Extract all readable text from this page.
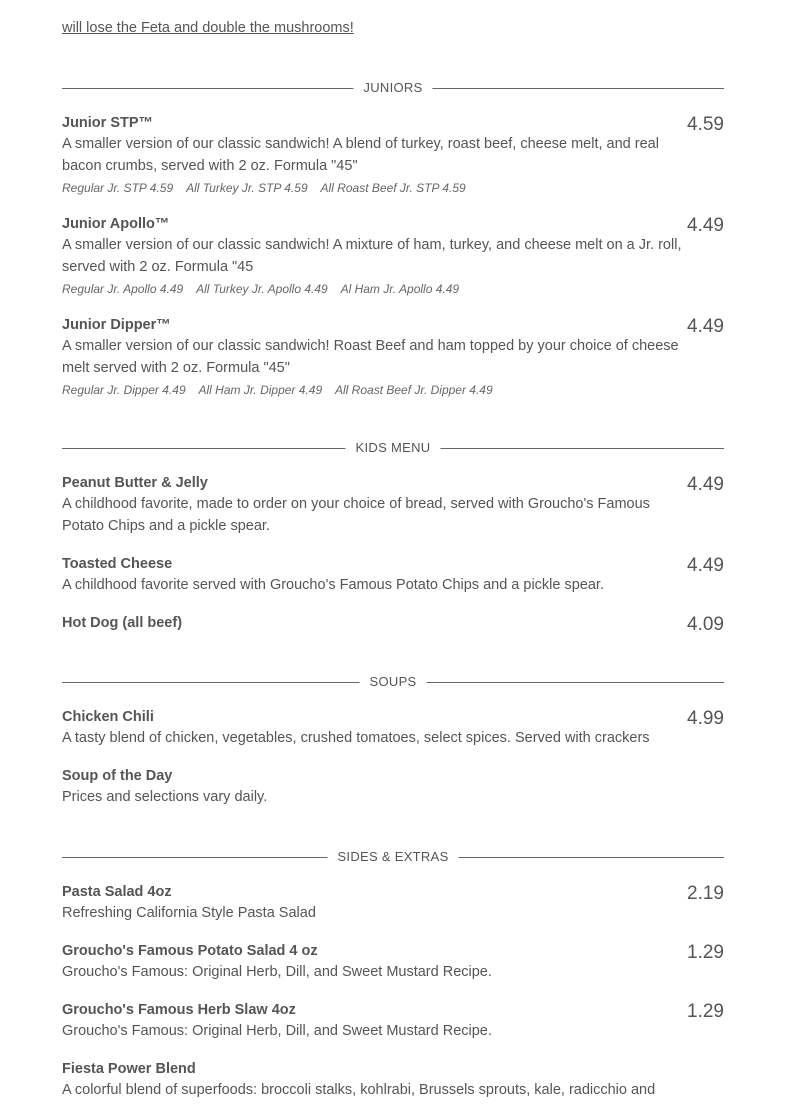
will lose the Feta and double the mushrooms!
JUNIORS
Junior STP™	4.59
A smaller version of our classic sandwich! A blend of turkey, roast beef, cheese melt, and real bacon crumbs, served with 2 oz. Formula "45"
Regular Jr. STP 4.59 All Turkey Jr. STP 4.59 All Roast Beef Jr. STP 4.59
Junior Apollo™	4.49
A smaller version of our classic sandwich! A mixture of ham, turkey, and cheese melt on a Jr. roll, served with 2 oz. Formula "45
Regular Jr. Apollo 4.49 All Turkey Jr. Apollo 4.49 Al Ham Jr. Apollo 4.49
Junior Dipper™	4.49
A smaller version of our classic sandwich! Roast Beef and ham topped by your choice of cheese melt served with 2 oz. Formula "45"
Regular Jr. Dipper 4.49 All Ham Jr. Dipper 4.49 All Roast Beef Jr. Dipper 4.49
KIDS MENU
Peanut Butter & Jelly	4.49
A childhood favorite, made to order on your choice of bread, served with Groucho's Famous Potato Chips and a pickle spear.
Toasted Cheese	4.49
A childhood favorite served with Groucho's Famous Potato Chips and a pickle spear.
Hot Dog (all beef)	4.09
SOUPS
Chicken Chili	4.99
A tasty blend of chicken, vegetables, crushed tomatoes, select spices. Served with crackers
Soup of the Day
Prices and selections vary daily.
SIDES & EXTRAS
Pasta Salad 4oz	2.19
Refreshing California Style Pasta Salad
Groucho's Famous Potato Salad 4 oz	1.29
Groucho's Famous: Original Herb, Dill, and Sweet Mustard Recipe.
Groucho's Famous Herb Slaw 4oz	1.29
Groucho's Famous: Original Herb, Dill, and Sweet Mustard Recipe.
Fiesta Power Blend
A colorful blend of superfoods: broccoli stalks, kohlrabi, Brussels sprouts, kale, radicchio and
